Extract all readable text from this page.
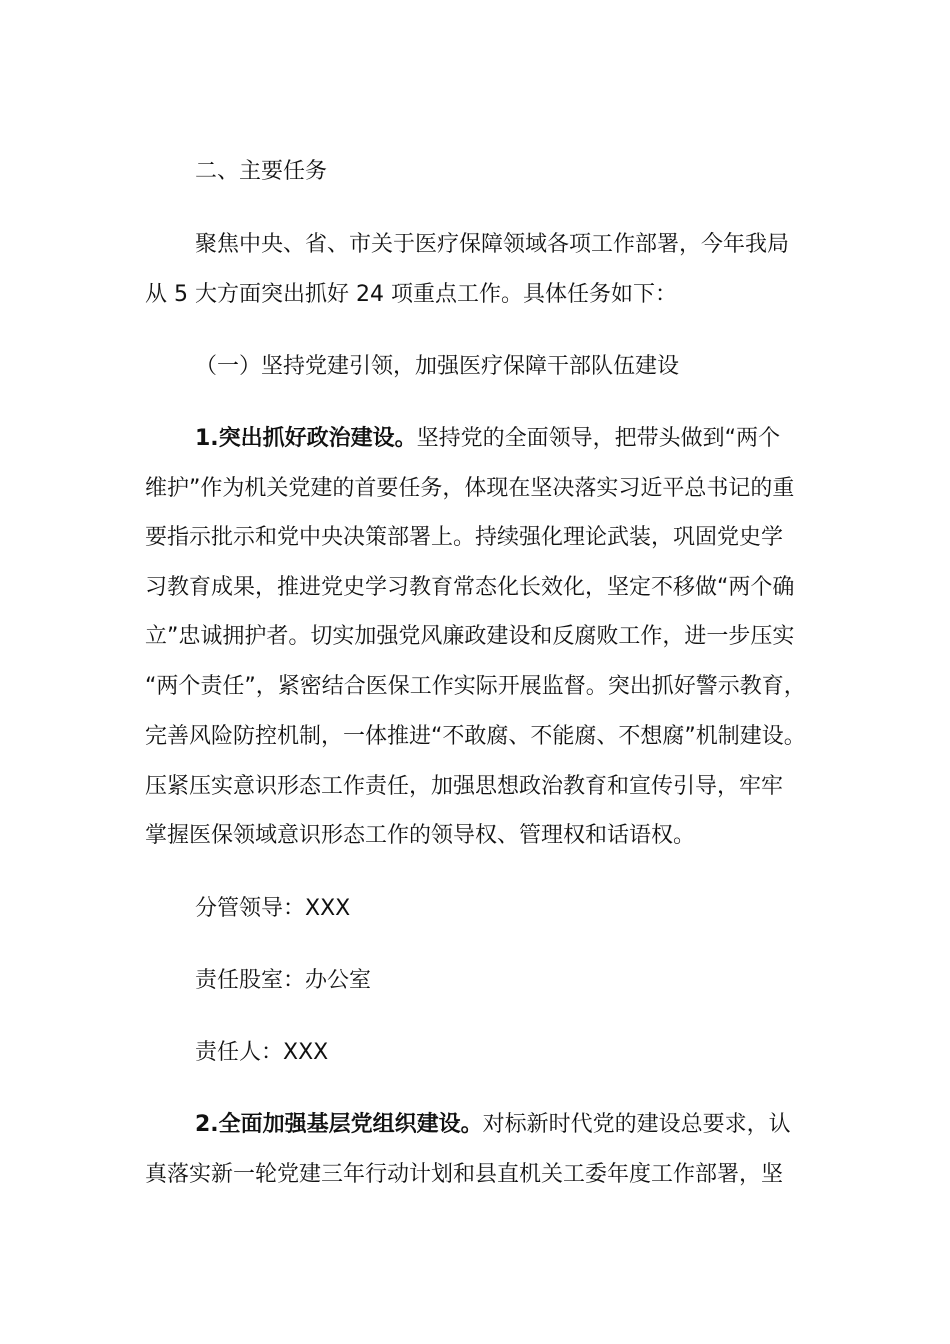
二、主要任务
聚焦中央、省、市关于医疗保障领域各项工作部署，今年我局
从 5 大方面突出抓好 24 项重点工作。具体任务如下：
（一）坚持党建引领，加强医疗保障干部队伍建设
1.突出抓好政治建设。坚持党的全面领导，把带头做到“两个
维护”作为机关党建的首要任务，体现在坚决落实习近平总书记的重
要指示批示和党中央决策部署上。持续强化理论武装，巩固党史学
习教育成果，推进党史学习教育常态化长效化，坚定不移做“两个确
立”忠诚拥护者。切实加强党风廉政建设和反腐败工作，进一步压实
“两个责任”，紧密结合医保工作实际开展监督。突出抓好警示教育，
完善风险防控机制，一体推进“不敢腐、不能腐、不想腐”机制建设。
压紧压实意识形态工作责任，加强思想政治教育和宣传引导，牢牢
掌握医保领域意识形态工作的领导权、管理权和话语权。
分管领导：XXX
责任股室：办公室
责任人：XXX
2.全面加强基层党组织建设。对标新时代党的建设总要求，认
真落实新一轮党建三年行动计划和县直机关工委年度工作部署，坚
